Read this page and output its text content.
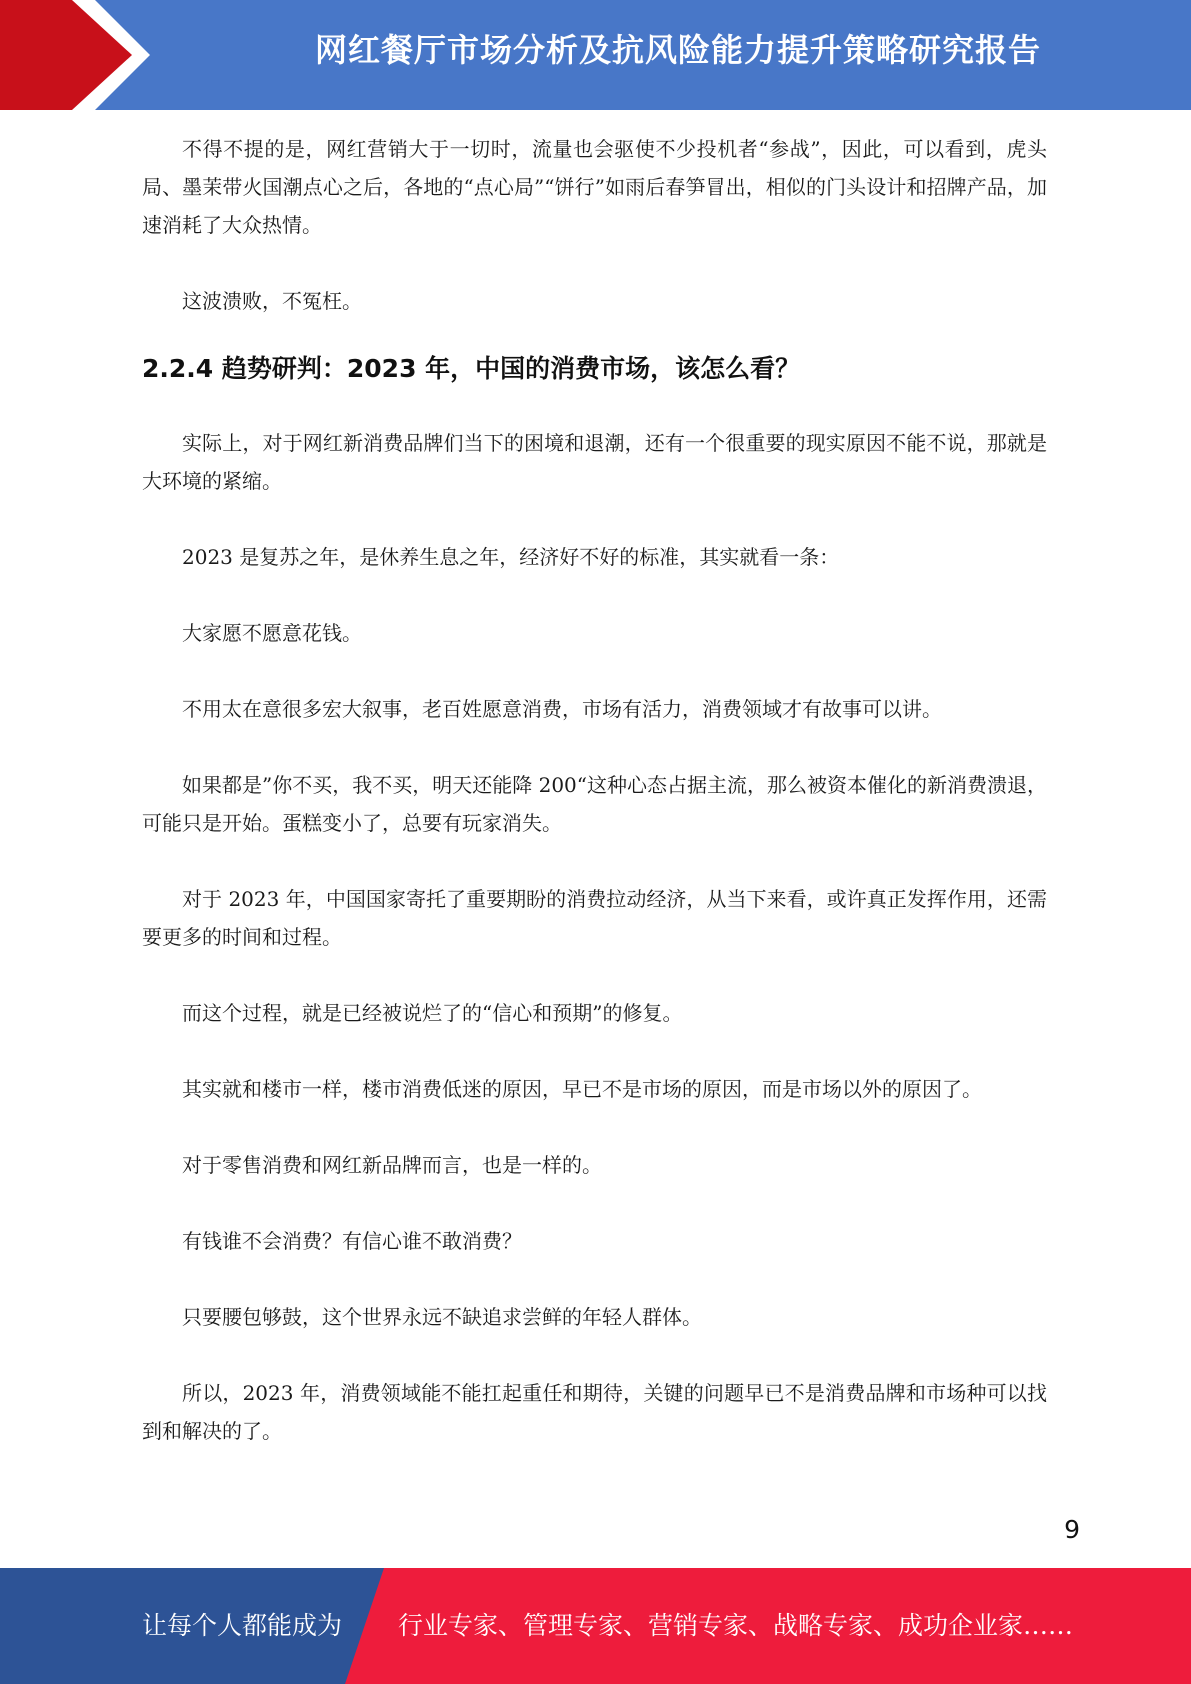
网红餐厅市场分析及抗风险能力提升策略研究报告

不得不提的是，网红营销大于一切时，流量也会驱使不少投机者“参战”，因此，可以看到，虎头局、墨茉带火国潮点心之后，各地的“点心局”“饼行”如雨后春笋冒出，相似的门头设计和招牌产品，加速消耗了大众热情。

这波溃败，不冤枉。

2.2.4 趋势研判：2023 年，中国的消费市场，该怎么看？

实际上，对于网红新消费品牌们当下的困境和退潮，还有一个很重要的现实原因不能不说，那就是大环境的紧缩。

2023 是复苏之年，是休养生息之年，经济好不好的标准，其实就看一条：

大家愿不愿意花钱。

不用太在意很多宏大叙事，老百姓愿意消费，市场有活力，消费领域才有故事可以讲。

如果都是”你不买，我不买，明天还能降 200“这种心态占据主流，那么被资本催化的新消费溃退，可能只是开始。蛋糕变小了，总要有玩家消失。

对于 2023 年，中国国家寄托了重要期盼的消费拉动经济，从当下来看，或许真正发挥作用，还需要更多的时间和过程。

而这个过程，就是已经被说烂了的“信心和预期”的修复。

其实就和楼市一样，楼市消费低迷的原因，早已不是市场的原因，而是市场以外的原因了。

对于零售消费和网红新品牌而言，也是一样的。

有钱谁不会消费？有信心谁不敢消费？

只要腰包够鼓，这个世界永远不缺追求尝鲜的年轻人群体。

所以，2023 年，消费领域能不能扛起重任和期待，关键的问题早已不是消费品牌和市场种可以找到和解决的了。

9
让每个人都能成为 行业专家、管理专家、营销专家、战略专家、成功企业家……
